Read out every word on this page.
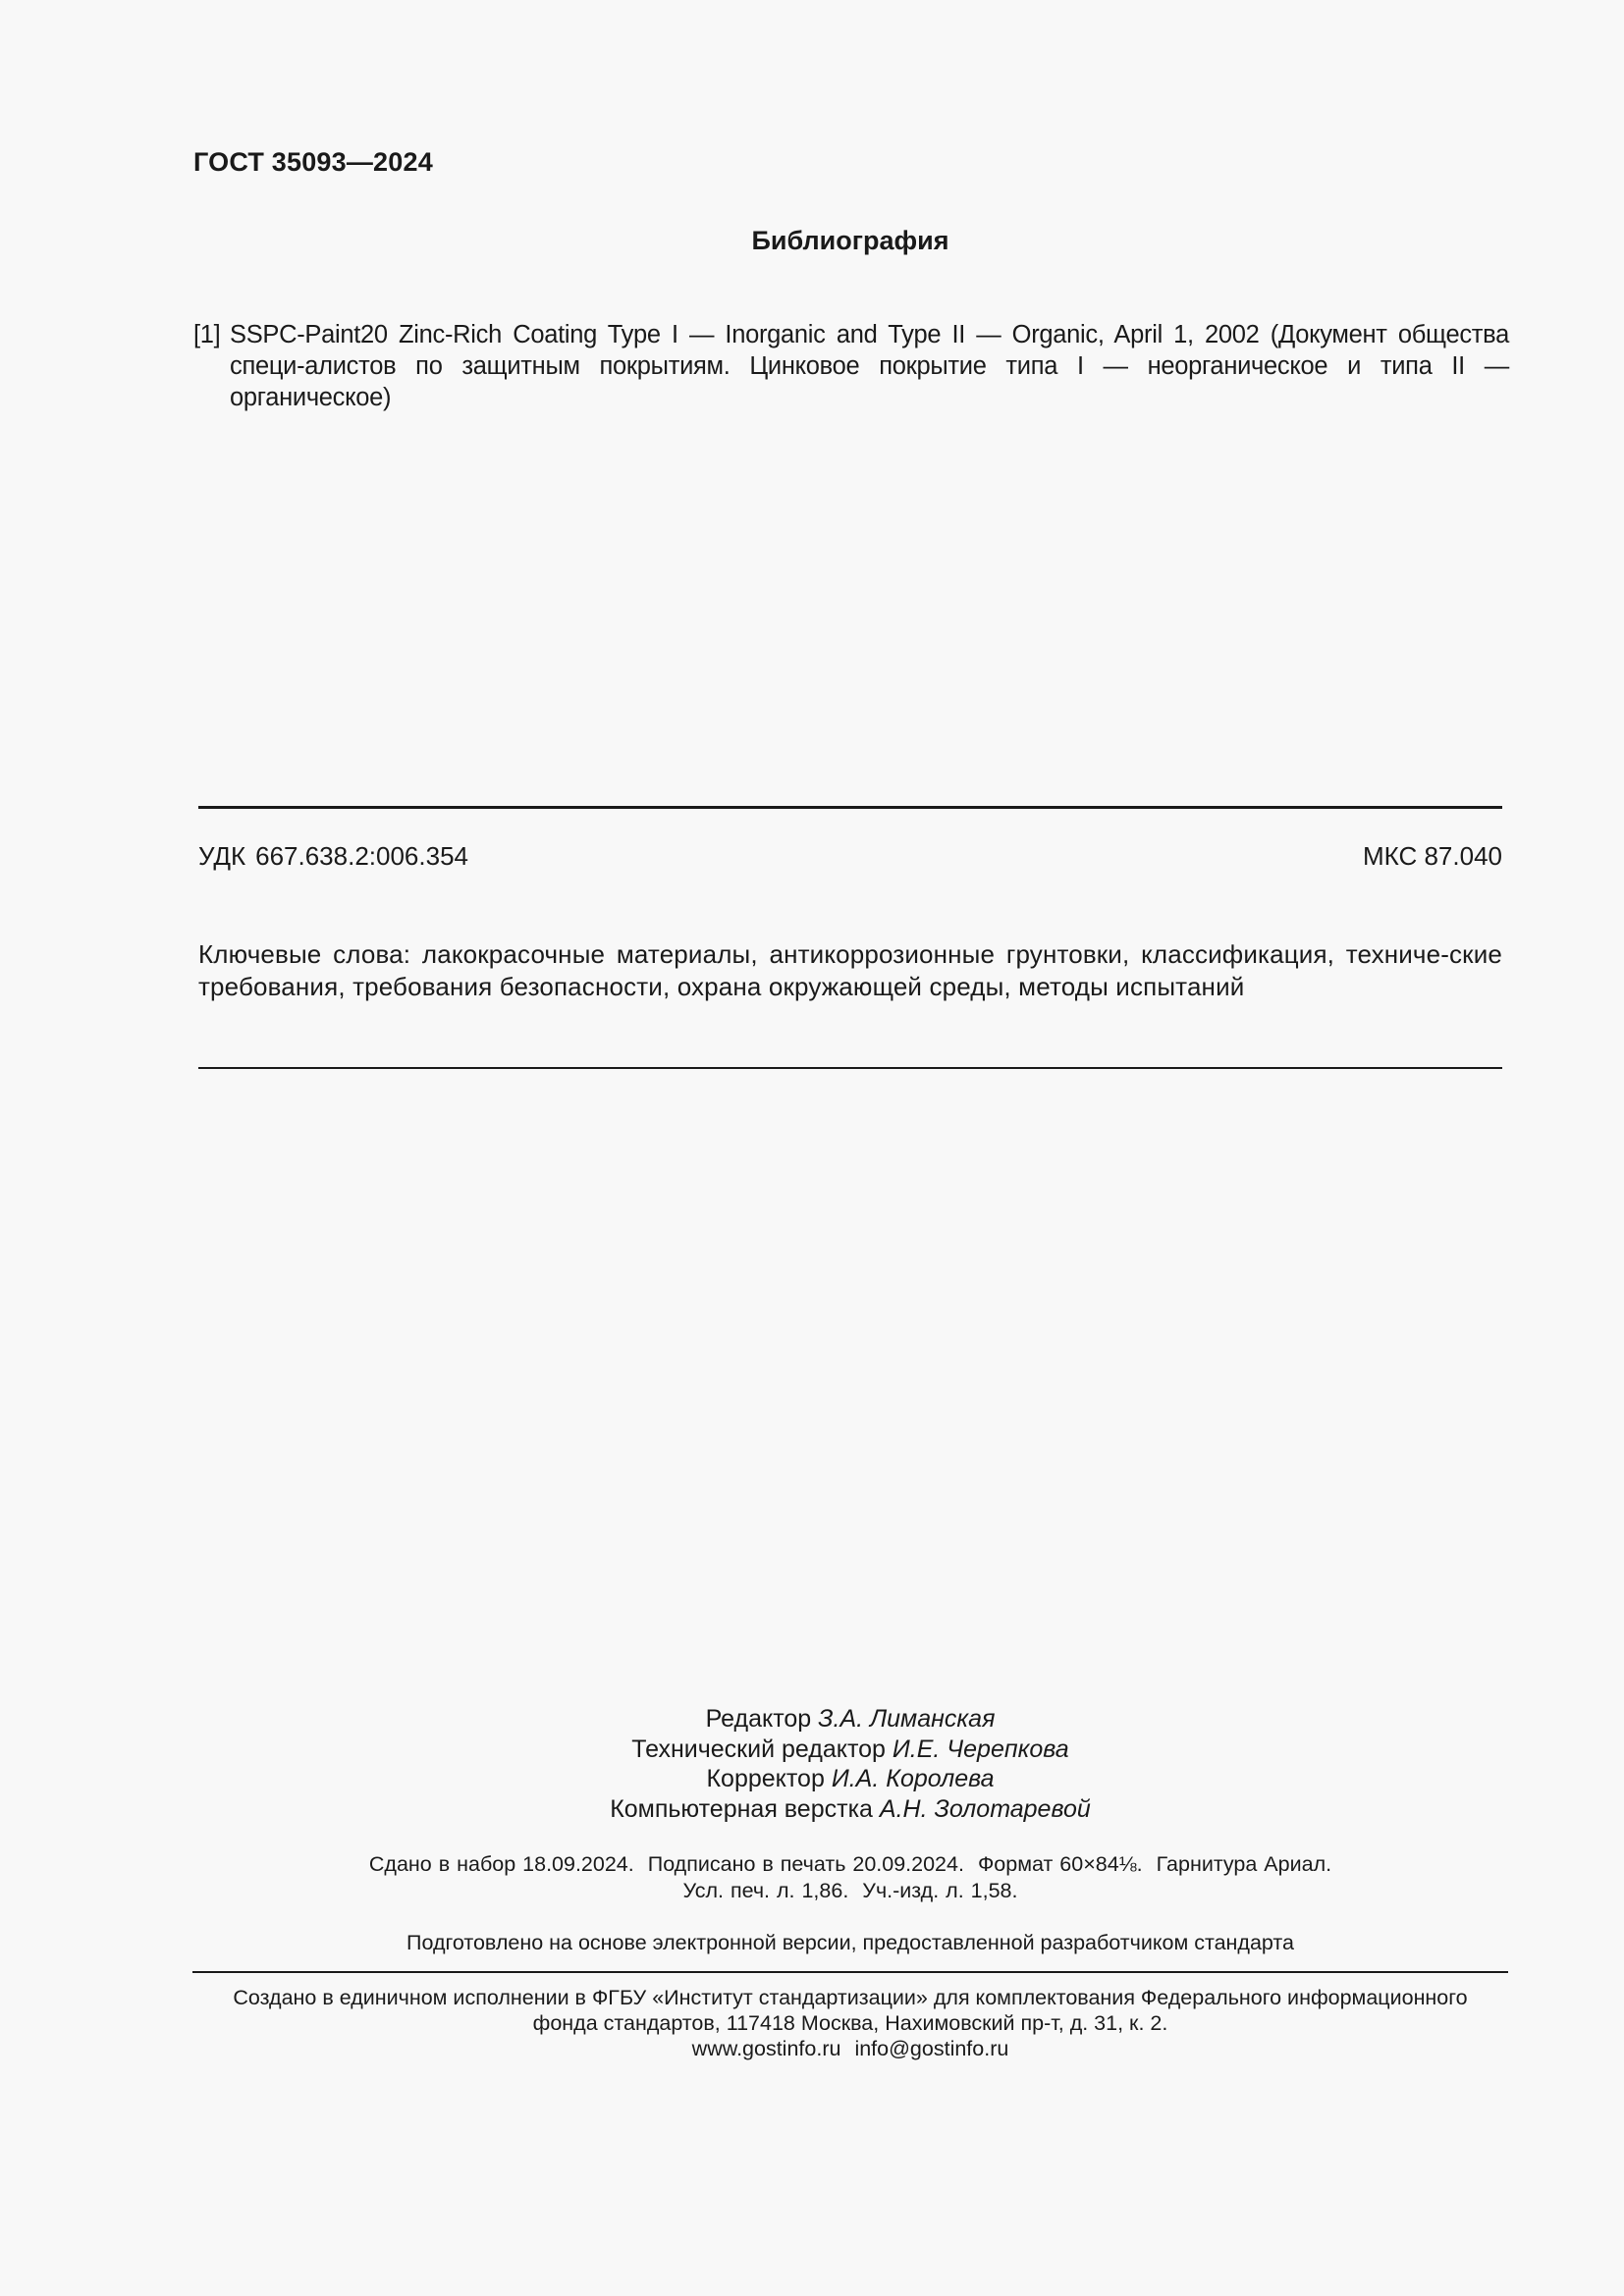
ГОСТ 35093—2024
Библиография
[1] SSPC-Paint20 Zinc-Rich Coating Type I — Inorganic and Type II — Organic, April 1, 2002 (Документ общества специ-алистов по защитным покрытиям. Цинковое покрытие типа I — неорганическое и типа II — органическое)
УДК 667.638.2:006.354	МКС 87.040
Ключевые слова: лакокрасочные материалы, антикоррозионные грунтовки, классификация, техниче-ские требования, требования безопасности, охрана окружающей среды, методы испытаний
Редактор З.А. Лиманская
Технический редактор И.Е. Черепкова
Корректор И.А. Королева
Компьютерная верстка А.Н. Золотаревой
Сдано в набор 18.09.2024. Подписано в печать 20.09.2024. Формат 60×84⅛. Гарнитура Ариал.
Усл. печ. л. 1,86. Уч.-изд. л. 1,58.
Подготовлено на основе электронной версии, предоставленной разработчиком стандарта
Создано в единичном исполнении в ФГБУ «Институт стандартизации» для комплектования Федерального информационного
фонда стандартов, 117418 Москва, Нахимовский пр-т, д. 31, к. 2.
www.gostinfo.ru info@gostinfo.ru
